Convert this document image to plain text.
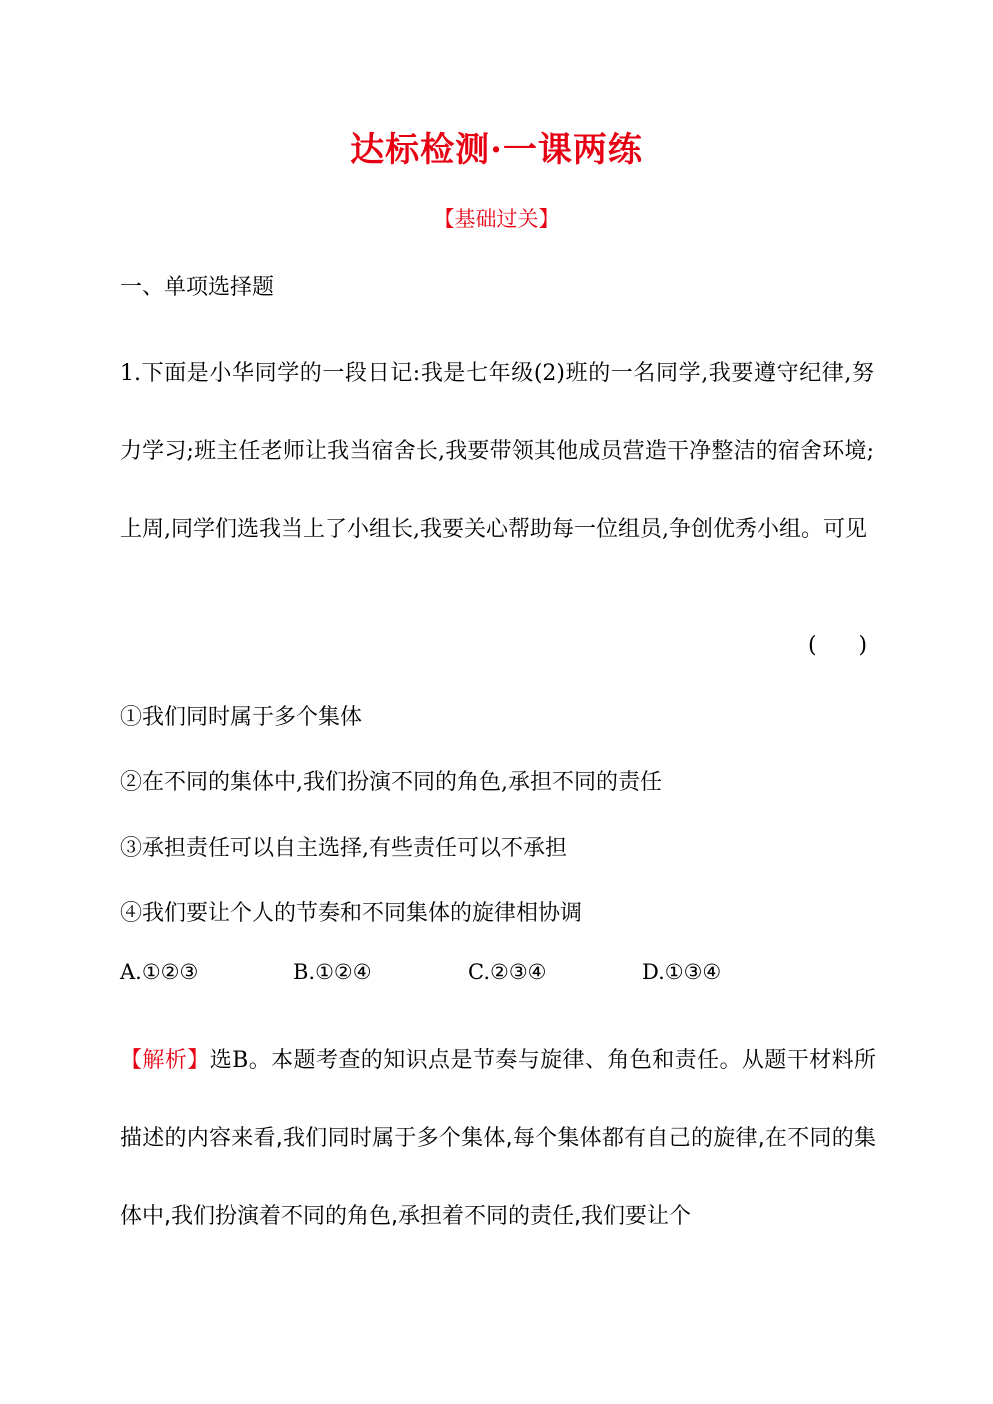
达标检测·一课两练
【基础过关】
一、单项选择题
1.下面是小华同学的一段日记:我是七年级(2)班的一名同学,我要遵守纪律,努力学习;班主任老师让我当宿舍长,我要带领其他成员营造干净整洁的宿舍环境;上周,同学们选我当上了小组长,我要关心帮助每一位组员,争创优秀小组。可见
(      )
①我们同时属于多个集体
②在不同的集体中,我们扮演不同的角色,承担不同的责任
③承担责任可以自主选择,有些责任可以不承担
④我们要让个人的节奏和不同集体的旋律相协调
A.①②③	B.①②④	C.②③④	D.①③④
【解析】选B。本题考查的知识点是节奏与旋律、角色和责任。从题干材料所描述的内容来看,我们同时属于多个集体,每个集体都有自己的旋律,在不同的集体中,我们扮演着不同的角色,承担着不同的责任,我们要让个
